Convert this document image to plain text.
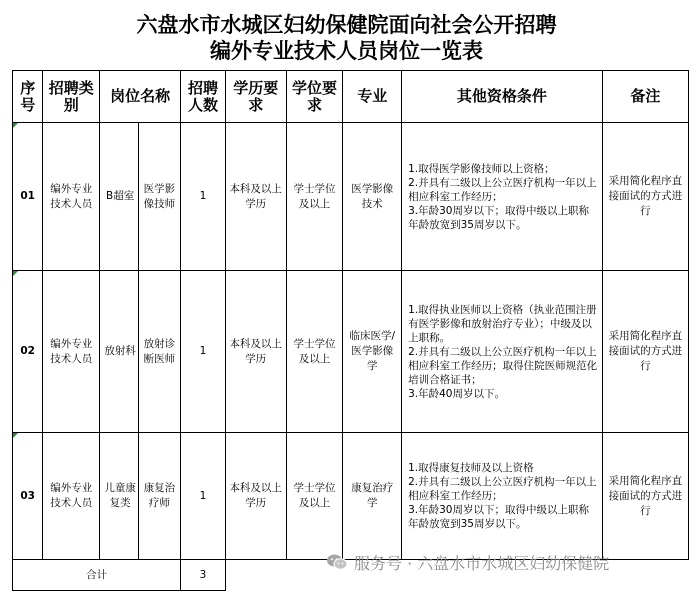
六盘水市水城区妇幼保健院面向社会公开招聘
编外专业技术人员岗位一览表
序号	招聘类别	岗位名称		招聘人数	学历要求	学位要求	专业	其他资格条件	备注
01	编外专业技术人员	B超室	医学影像技师	1	本科及以上学历	学士学位及以上	医学影像技术	1.取得医学影像技师以上资格；
2.并具有二级以上公立医疗机构一年以上相应科室工作经历；
3.年龄30周岁以下；取得中级以上职称年龄放宽到35周岁以下。	采用简化程序直接面试的方式进行
02	编外专业技术人员	放射科	放射诊断医师	1	本科及以上学历	学士学位及以上	临床医学/医学影像学	1.取得执业医师以上资格（执业范围注册有医学影像和放射治疗专业）；中级及以上职称。
2.并具有二级以上公立医疗机构一年以上相应科室工作经历；取得住院医师规范化培训合格证书；
3.年龄40周岁以下。	采用简化程序直接面试的方式进行
03	编外专业技术人员	儿童康复类	康复治疗师	1	本科及以上学历	学士学位及以上	康复治疗学	1.取得康复技师及以上资格
2.并具有二级以上公立医疗机构一年以上相应科室工作经历；
3.年龄30周岁以下；取得中级以上职称年龄放宽到35周岁以下。	采用简化程序直接面试的方式进行
合计				3					
服务号 · 六盘水市水城区妇幼保健院
